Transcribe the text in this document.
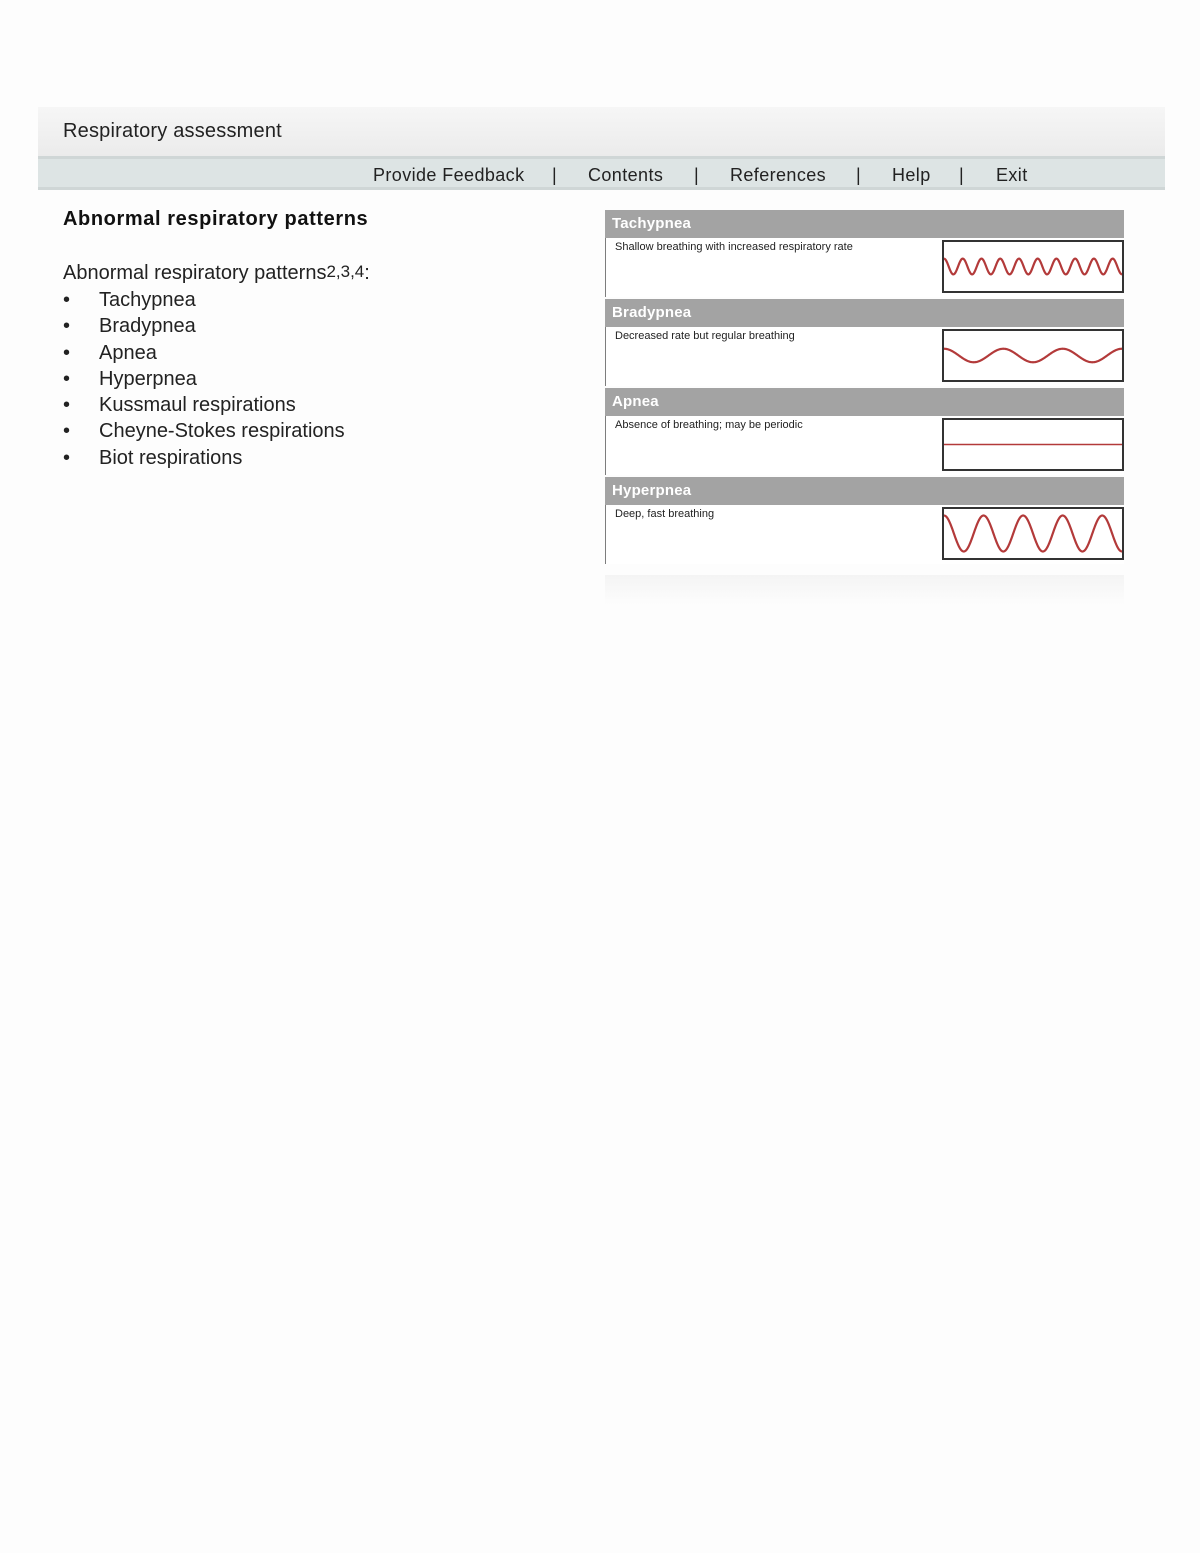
Respiratory assessment
Provide Feedback | Contents | References | Help | Exit
Abnormal respiratory patterns
Abnormal respiratory patterns$^{2,3,4}$:
•	Tachypnea
•	Bradypnea
•	Apnea
•	Hyperpnea
•	Kussmaul respirations
•	Cheyne-Stokes respirations
•	Biot respirations
Tachypnea
Shallow breathing with increased respiratory rate
Bradypnea
Decreased rate but regular breathing
Apnea
Absence of breathing; may be periodic
Hyperpnea
Deep, fast breathing
